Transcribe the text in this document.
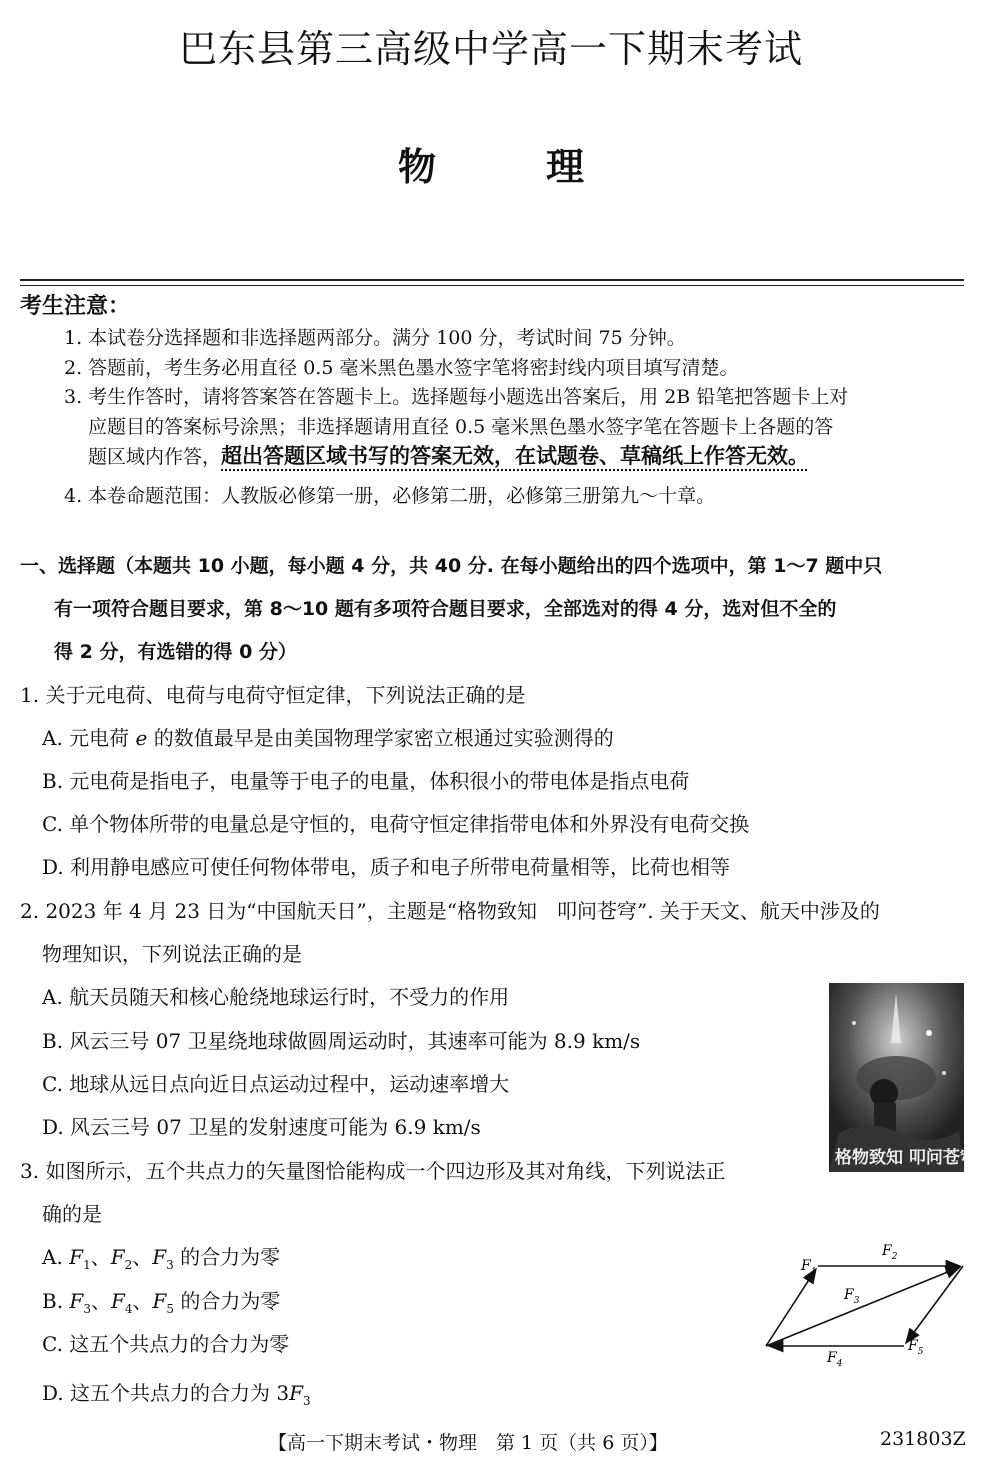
巴东县第三高级中学高一下期末考试
物	理
考生注意：
1. 本试卷分选择题和非选择题两部分。满分 100 分，考试时间 75 分钟。
2. 答题前，考生务必用直径 0.5 毫米黑色墨水签字笔将密封线内项目填写清楚。
3. 考生作答时，请将答案答在答题卡上。选择题每小题选出答案后，用 2B 铅笔把答题卡上对
应题目的答案标号涂黑；非选择题请用直径 0.5 毫米黑色墨水签字笔在答题卡上各题的答
题区域内作答，超出答题区域书写的答案无效，在试题卷、草稿纸上作答无效。
4. 本卷命题范围：人教版必修第一册，必修第二册，必修第三册第九～十章。
一、选择题（本题共 10 小题，每小题 4 分，共 40 分. 在每小题给出的四个选项中，第 1～7 题中只
有一项符合题目要求，第 8～10 题有多项符合题目要求，全部选对的得 4 分，选对但不全的
得 2 分，有选错的得 0 分）
1. 关于元电荷、电荷与电荷守恒定律，下列说法正确的是
A. 元电荷 e 的数值最早是由美国物理学家密立根通过实验测得的
B. 元电荷是指电子，电量等于电子的电量，体积很小的带电体是指点电荷
C. 单个物体所带的电量总是守恒的，电荷守恒定律指带电体和外界没有电荷交换
D. 利用静电感应可使任何物体带电，质子和电子所带电荷量相等，比荷也相等
2. 2023 年 4 月 23 日为“中国航天日”，主题是“格物致知　叩问苍穹”. 关于天文、航天中涉及的
物理知识，下列说法正确的是
A. 航天员随天和核心舱绕地球运行时，不受力的作用
B. 风云三号 07 卫星绕地球做圆周运动时，其速率可能为 8.9 km/s
C. 地球从远日点向近日点运动过程中，运动速率增大
D. 风云三号 07 卫星的发射速度可能为 6.9 km/s
格物致知 叩问苍穹
3. 如图所示，五个共点力的矢量图恰能构成一个四边形及其对角线，下列说法正
确的是
A. $F_1$、$F_2$、$F_3$ 的合力为零
B. $F_3$、$F_4$、$F_5$ 的合力为零
C. 这五个共点力的合力为零
D. 这五个共点力的合力为 $3F_3$
$F_1$
$F_2$
$F_3$
$F_4$
$F_5$
【高一下期末考试・物理　第 1 页（共 6 页）】	231803Z
